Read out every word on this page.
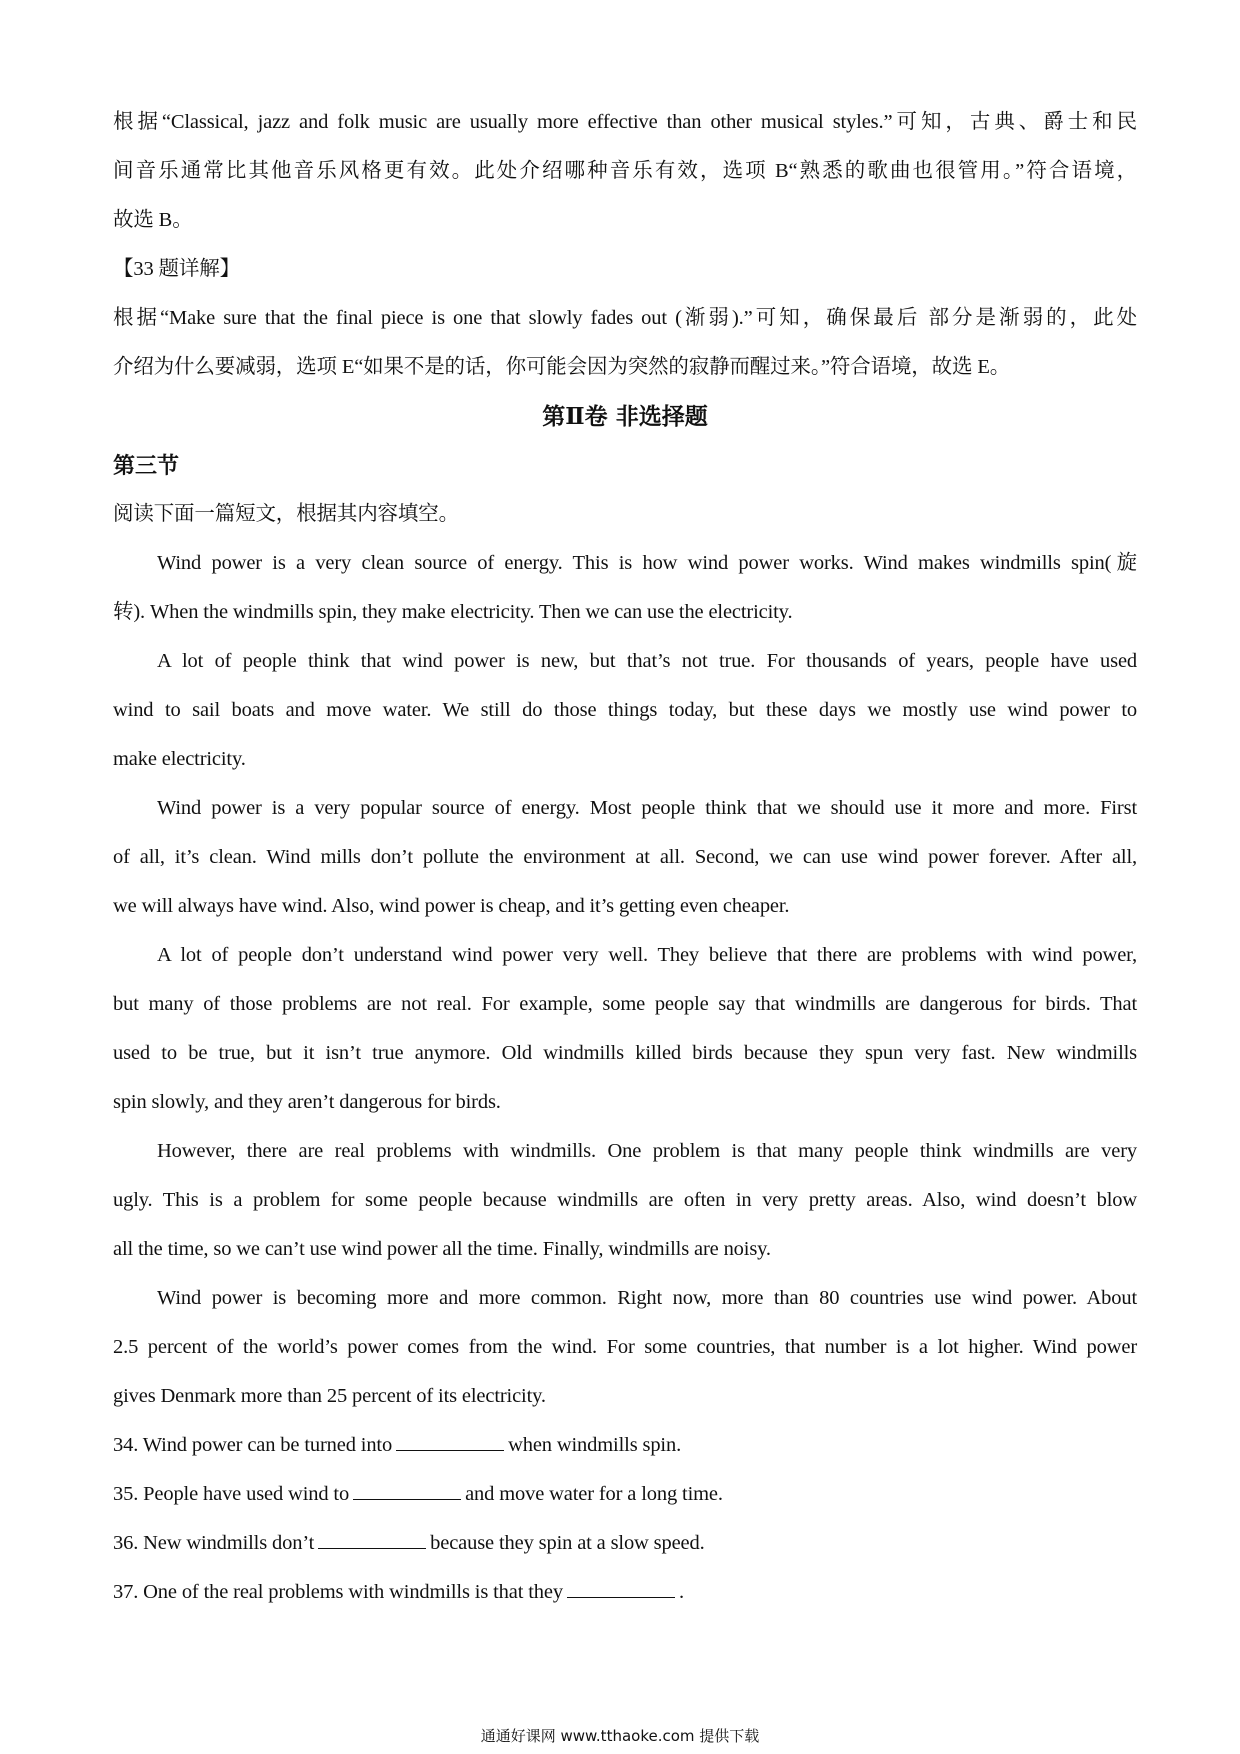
根据“Classical, jazz and folk music are usually more effective than other musical styles.”可知，古典、爵士和民
间音乐通常比其他音乐风格更有效。此处介绍哪种音乐有效，选项 B“熟悉的歌曲也很管用。”符合语境，
故选 B。
【33 题详解】
根据“Make sure that the final piece is one that slowly fades out (渐弱).”可知，确保最后 部分是渐弱的，此处
介绍为什么要减弱，选项 E“如果不是的话，你可能会因为突然的寂静而醒过来。”符合语境，故选 E。
第Ⅱ卷 非选择题
第三节
阅读下面一篇短文，根据其内容填空。
Wind power is a very clean source of energy. This is how wind power works. Wind makes windmills spin(旋
转). When the windmills spin, they make electricity. Then we can use the electricity.
A lot of people think that wind power is new, but that’s not true. For thousands of years, people have used
wind to sail boats and move water. We still do those things today, but these days we mostly use wind power to
make electricity.
Wind power is a very popular source of energy. Most people think that we should use it more and more. First
of all, it’s clean. Wind mills don’t pollute the environment at all. Second, we can use wind power forever. After all,
we will always have wind. Also, wind power is cheap, and it’s getting even cheaper.
A lot of people don’t understand wind power very well. They believe that there are problems with wind power,
but many of those problems are not real. For example, some people say that windmills are dangerous for birds. That
used to be true, but it isn’t true anymore. Old windmills killed birds because they spun very fast. New windmills
spin slowly, and they aren’t dangerous for birds.
However, there are real problems with windmills. One problem is that many people think windmills are very
ugly. This is a problem for some people because windmills are often in very pretty areas. Also, wind doesn’t blow
all the time, so we can’t use wind power all the time. Finally, windmills are noisy.
Wind power is becoming more and more common. Right now, more than 80 countries use wind power. About
2.5 percent of the world’s power comes from the wind. For some countries, that number is a lot higher. Wind power
gives Denmark more than 25 percent of its electricity.
34. Wind power can be turned into	when windmills spin.
35. People have used wind to	and move water for a long time.
36. New windmills don’t	because they spin at a slow speed.
37. One of the real problems with windmills is that they	.
通通好课网 www.tthaoke.com 提供下载
